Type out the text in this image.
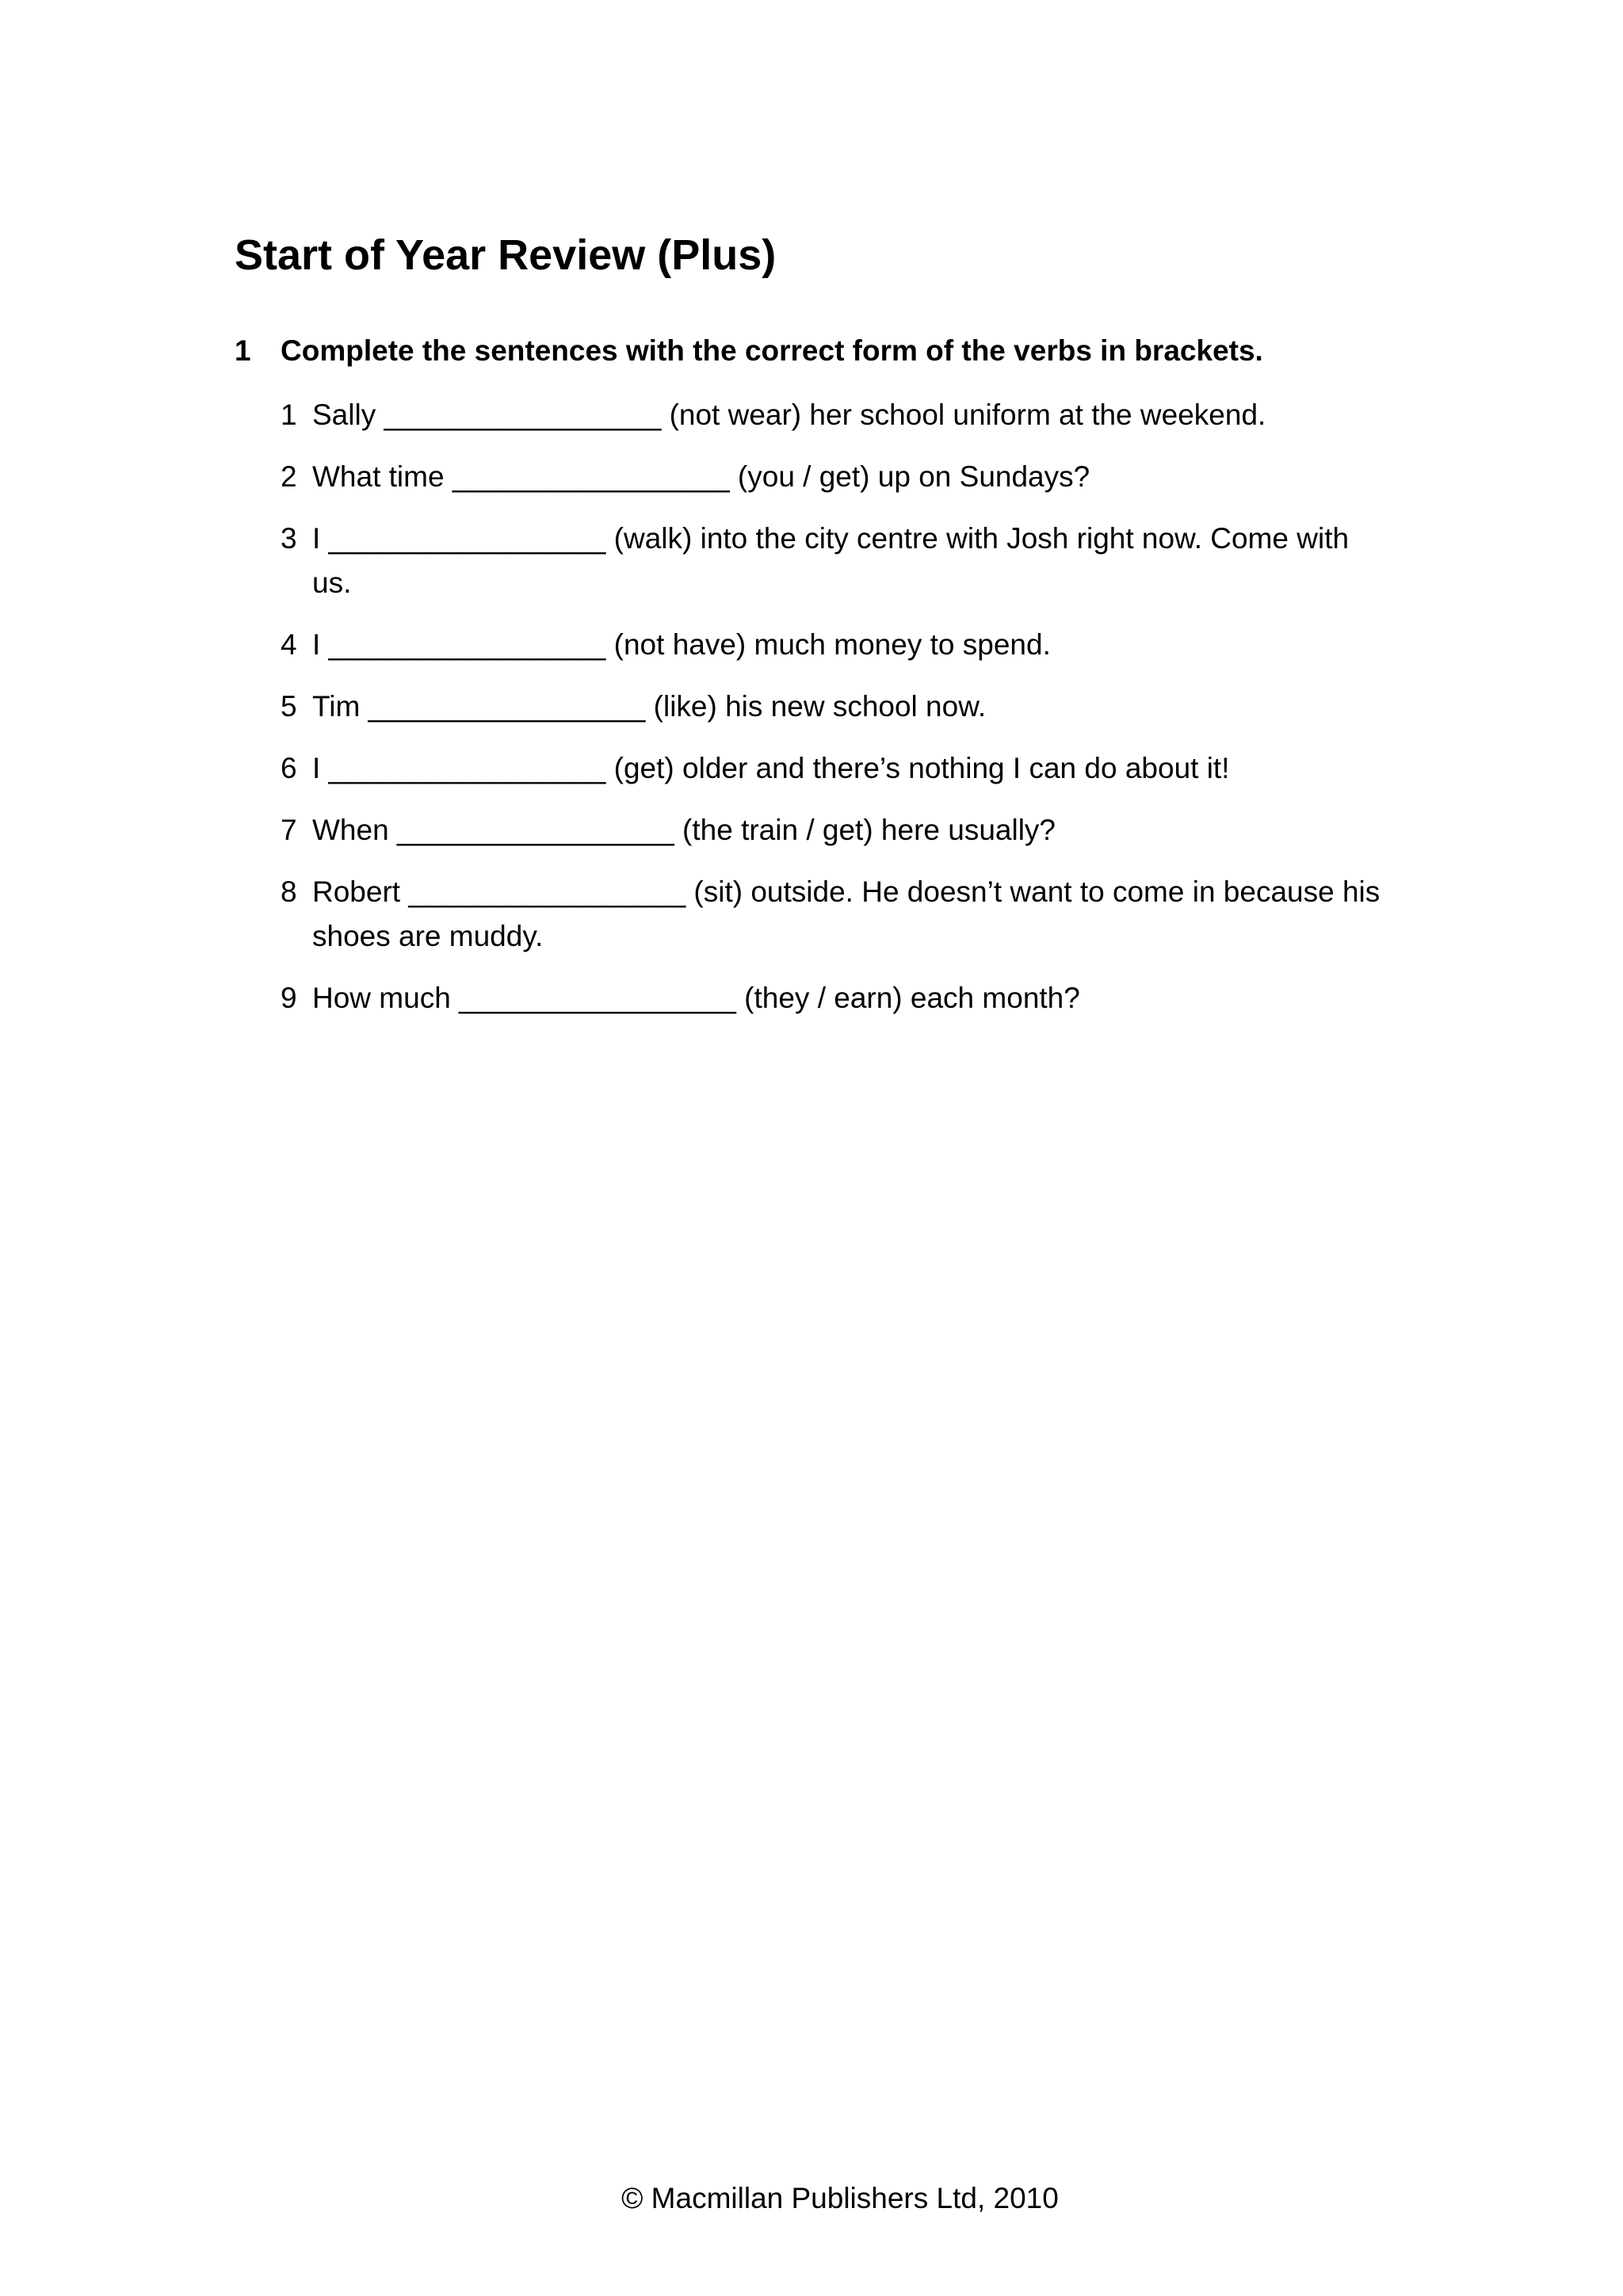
Start of Year Review (Plus)
1 Complete the sentences with the correct form of the verbs in brackets.
1 Sally _________________ (not wear) her school uniform at the weekend.
2 What time _________________ (you / get) up on Sundays?
3 I _________________ (walk) into the city centre with Josh right now. Come with us.
4 I _________________ (not have) much money to spend.
5 Tim _________________ (like) his new school now.
6 I _________________ (get) older and there’s nothing I can do about it!
7 When _________________ (the train / get) here usually?
8 Robert _________________ (sit) outside. He doesn’t want to come in because his shoes are muddy.
9 How much _________________ (they / earn) each month?
© Macmillan Publishers Ltd, 2010
